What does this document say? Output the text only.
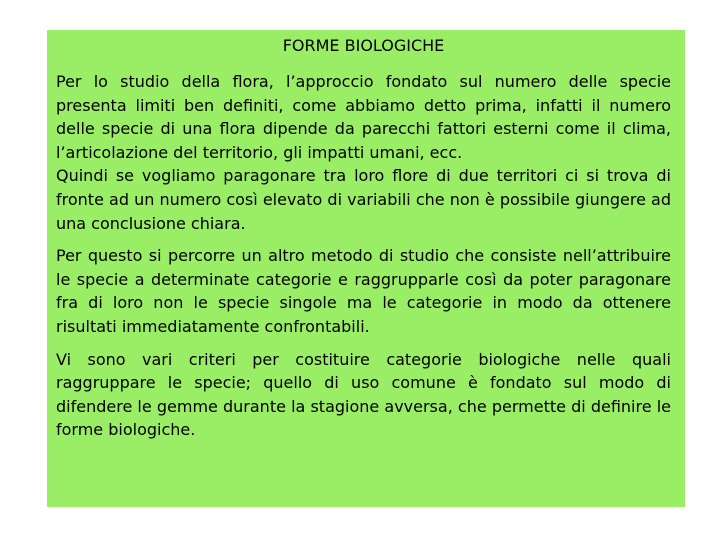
FORME BIOLOGICHE

Per lo studio della flora, l’approccio fondato sul numero delle specie presenta limiti ben definiti, come abbiamo detto prima, infatti il numero delle specie di una flora dipende da parecchi fattori esterni come il clima, l’articolazione del territorio, gli impatti umani, ecc.

Quindi se vogliamo paragonare tra loro flore di due territori ci si trova di fronte ad un numero così elevato di variabili che non è possibile giungere ad una conclusione chiara.

Per questo si percorre un altro metodo di studio che consiste nell’attribuire le specie a determinate categorie e raggrupparle così da poter paragonare fra di loro non le specie singole ma le categorie in modo da ottenere risultati immediatamente confrontabili.

Vi sono vari criteri per costituire categorie biologiche nelle quali raggruppare le specie; quello di uso comune è fondato sul modo di difendere le gemme durante la stagione avversa, che permette di definire le forme biologiche.
